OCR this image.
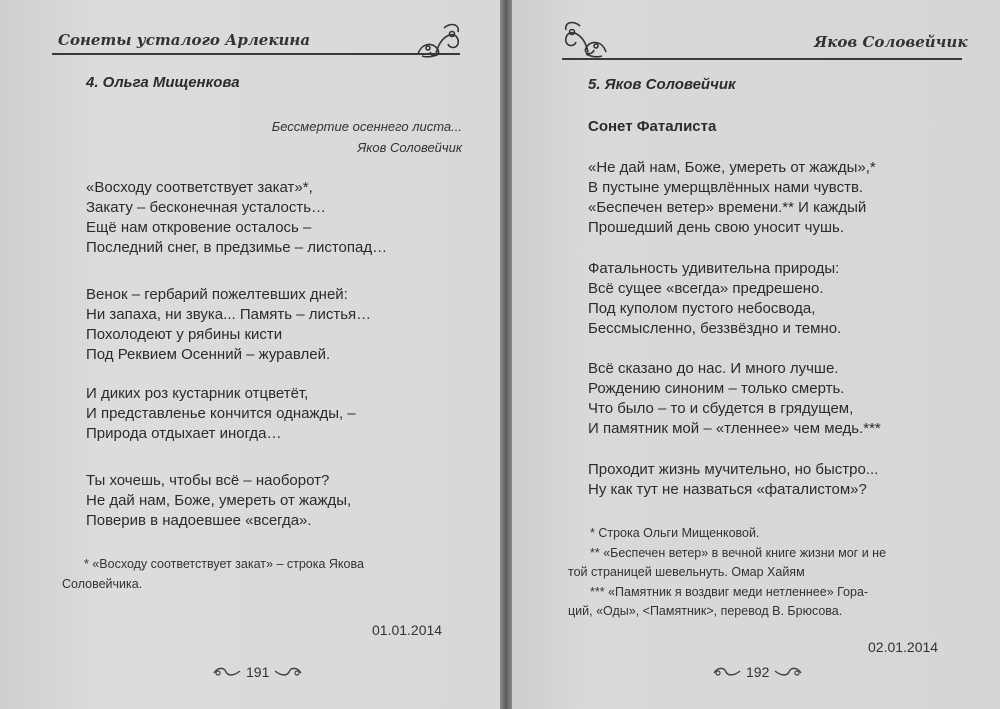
Сонеты усталого Арлекина
4. Ольга Мищенкова
Бессмертие осеннего листа...
Яков Соловейчик
«Восходу соответствует закат»*,
Закату – бесконечная усталость…
Ещё нам откровение осталось –
Последний снег, в предзимье – листопад…
Венок – гербарий пожелтевших дней:
Ни запаха, ни звука... Память – листья…
Похолодеют у рябины кисти
Под Реквием Осенний – журавлей.
И диких роз кустарник отцветёт,
И представленье кончится однажды, –
Природа отдыхает иногда…
Ты хочешь, чтобы всё – наоборот?
Не дай нам, Боже, умереть от жажды,
Поверив в надоевшее «всегда».
* «Восходу соответствует закат» – строка Якова
Соловейчика.
01.01.2014
191
Яков Соловейчик
5. Яков Соловейчик
Сонет Фаталиста
«Не дай нам, Боже, умереть от жажды»,*
В пустыне умерщвлённых нами чувств.
«Беспечен ветер» времени.** И каждый
Прошедший день свою уносит чушь.
Фатальность удивительна природы:
Всё сущее «всегда» предрешено.
Под куполом пустого небосвода,
Бессмысленно, беззвёздно и темно.
Всё сказано до нас. И много лучше.
Рождению синоним – только смерть.
Что было – то и сбудется в грядущем,
И памятник мой – «тленнее» чем медь.***
Проходит жизнь мучительно, но быстро...
Ну как тут не назваться «фаталистом»?
* Строка Ольги Мищенковой.
** «Беспечен ветер» в вечной книге жизни мог и не
той страницей шевельнуть. Омар Хайям
*** «Памятник я воздвиг меди нетленнее» Гора-
ций, «Оды», <Памятник>, перевод В. Брюсова.
02.01.2014
192
